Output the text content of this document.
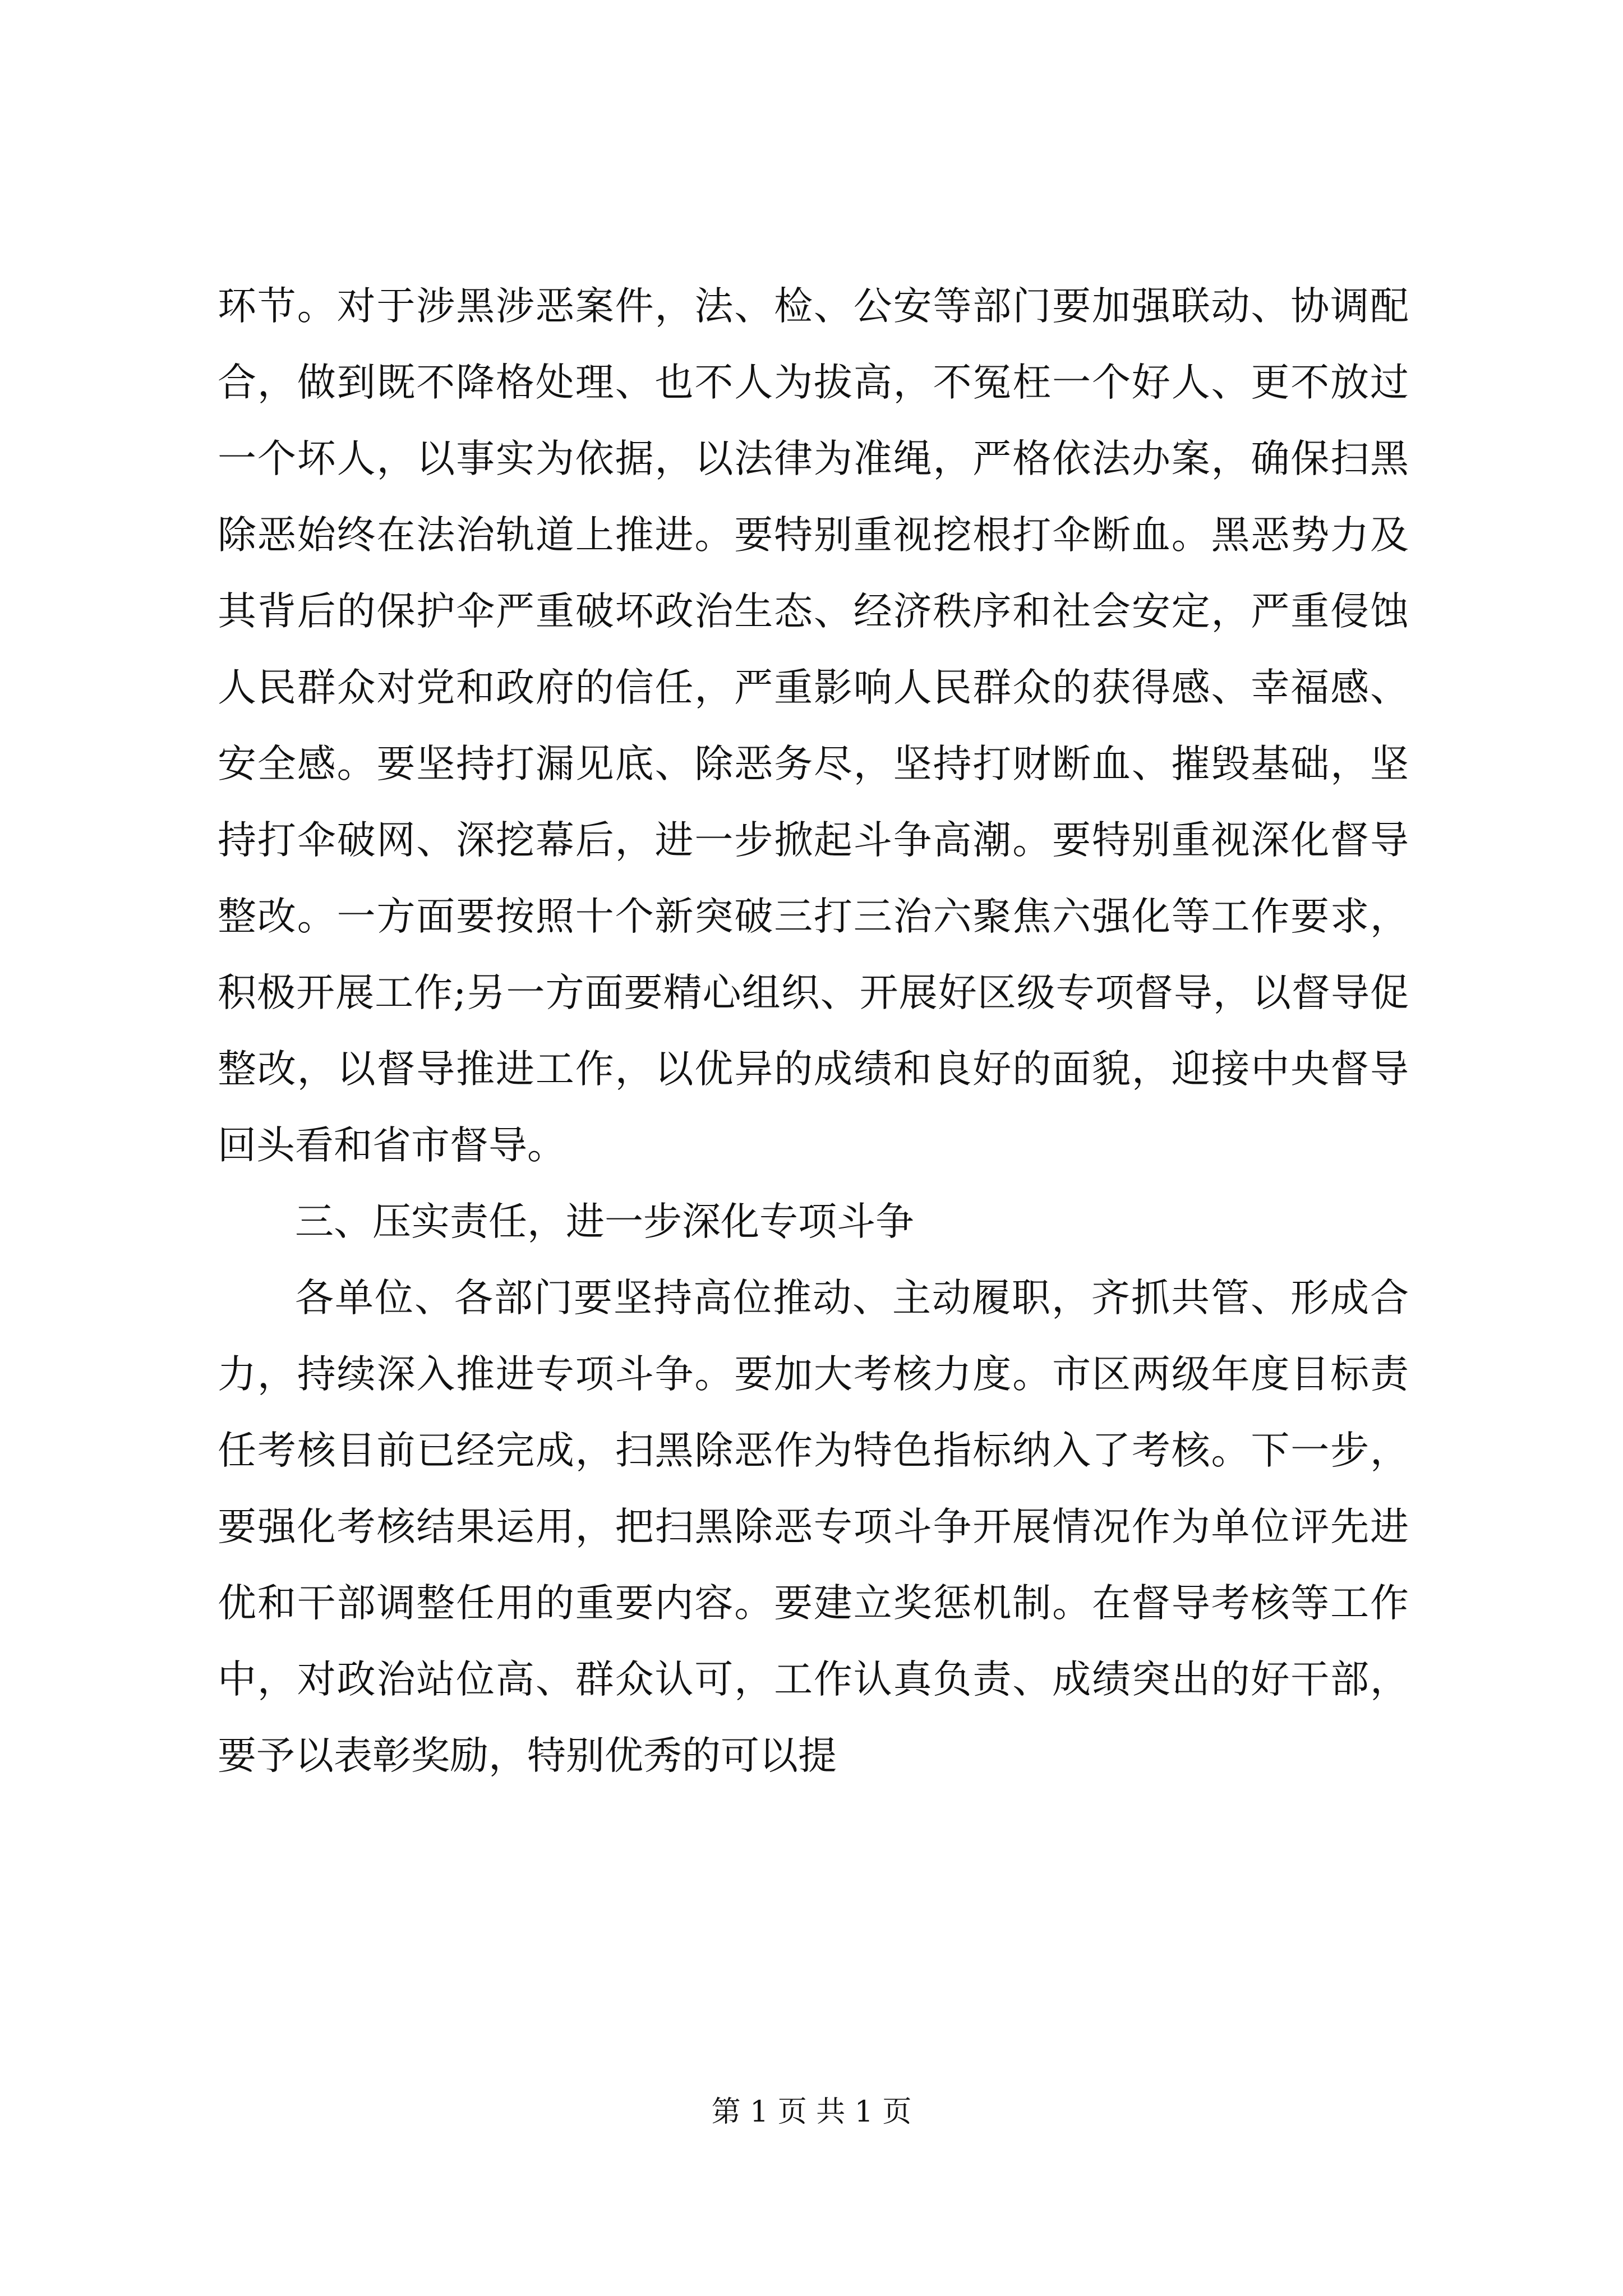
环节。对于涉黑涉恶案件，法、检、公安等部门要加强联动、协调配合，做到既不降格处理、也不人为拔高，不冤枉一个好人、更不放过一个坏人，以事实为依据，以法律为准绳，严格依法办案，确保扫黑除恶始终在法治轨道上推进。要特别重视挖根打伞断血。黑恶势力及其背后的保护伞严重破坏政治生态、经济秩序和社会安定，严重侵蚀人民群众对党和政府的信任，严重影响人民群众的获得感、幸福感、安全感。要坚持打漏见底、除恶务尽，坚持打财断血、摧毁基础，坚持打伞破网、深挖幕后，进一步掀起斗争高潮。要特别重视深化督导整改。一方面要按照十个新突破三打三治六聚焦六强化等工作要求，积极开展工作;另一方面要精心组织、开展好区级专项督导，以督导促整改，以督导推进工作，以优异的成绩和良好的面貌，迎接中央督导回头看和省市督导。

三、压实责任，进一步深化专项斗争

各单位、各部门要坚持高位推动、主动履职，齐抓共管、形成合力，持续深入推进专项斗争。要加大考核力度。市区两级年度目标责任考核目前已经完成，扫黑除恶作为特色指标纳入了考核。下一步，要强化考核结果运用，把扫黑除恶专项斗争开展情况作为单位评先进优和干部调整任用的重要内容。要建立奖惩机制。在督导考核等工作中，对政治站位高、群众认可，工作认真负责、成绩突出的好干部，要予以表彰奖励，特别优秀的可以提

第 1 页 共 1 页
